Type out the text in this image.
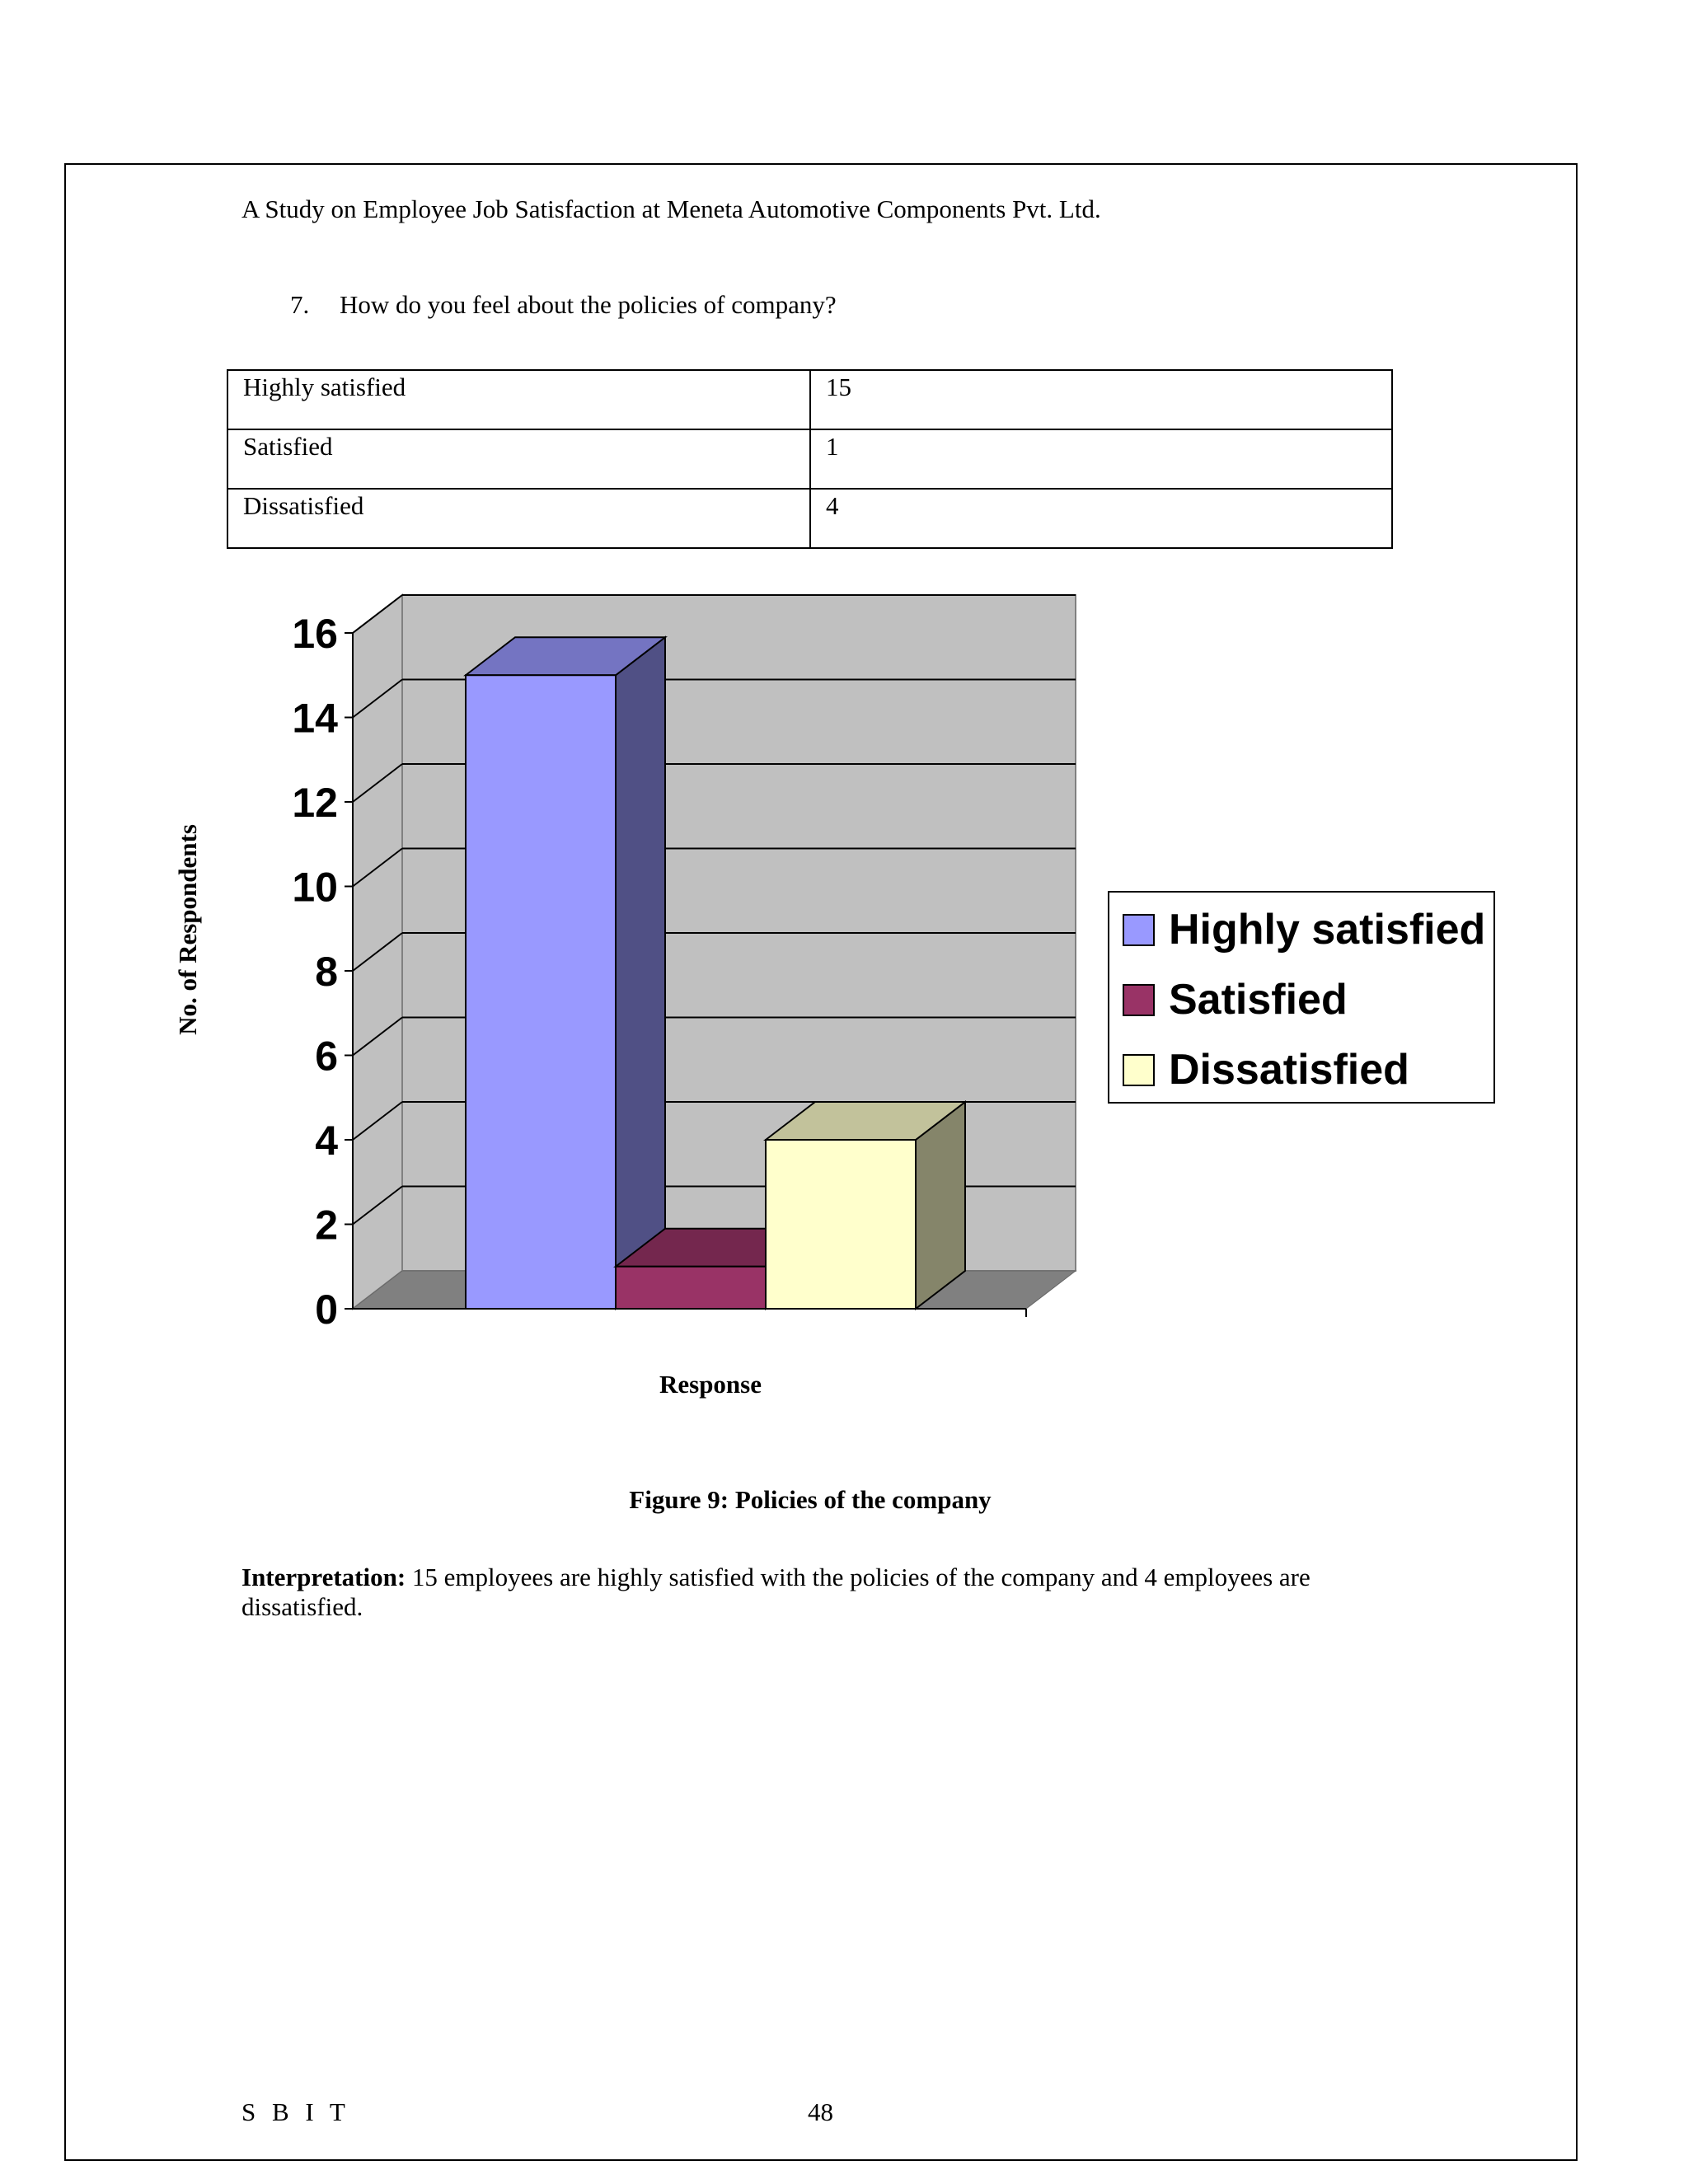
A Study on Employee Job Satisfaction at Meneta Automotive Components Pvt. Ltd.
7. How do you feel about the policies of company?
Highly satisfied	15
Satisfied	1
Dissatisfied	4
0
2
4
6
8
10
12
14
16
Response
No. of Respondents	Highly satisfied
Satisfied
Dissatisfied
Figure 9: Policies of the company
Interpretation: 15 employees are highly satisfied with the policies of the company and 4 employees are dissatisfied.
S B I T	48
